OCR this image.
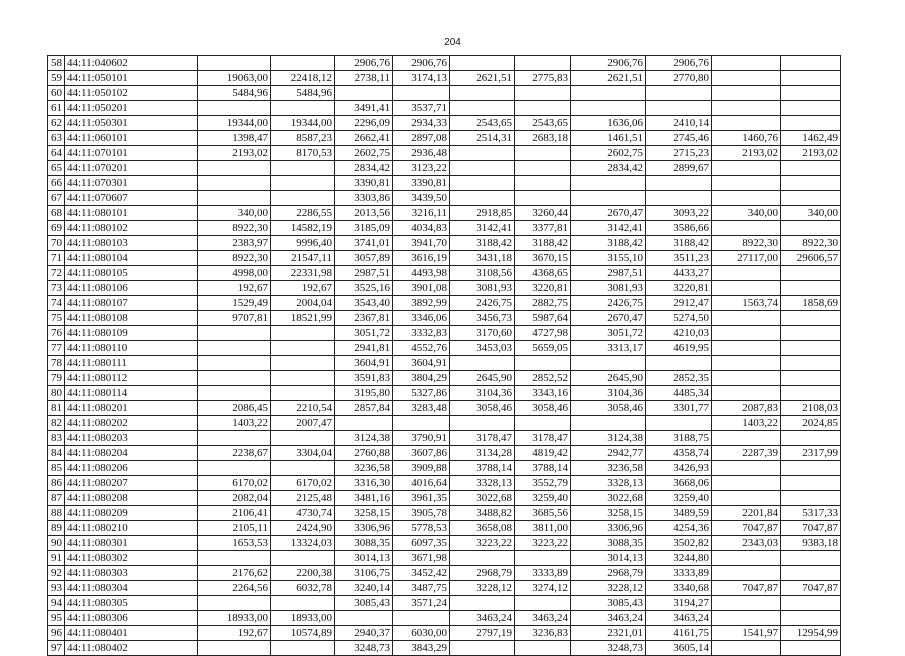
204
58	44:11:040602			2906,76	2906,76			2906,76	2906,76		
59	44:11:050101	19063,00	22418,12	2738,11	3174,13	2621,51	2775,83	2621,51	2770,80		
60	44:11:050102	5484,96	5484,96								
61	44:11:050201			3491,41	3537,71						
62	44:11:050301	19344,00	19344,00	2296,09	2934,33	2543,65	2543,65	1636,06	2410,14		
63	44:11:060101	1398,47	8587,23	2662,41	2897,08	2514,31	2683,18	1461,51	2745,46	1460,76	1462,49
64	44:11:070101	2193,02	8170,53	2602,75	2936,48			2602,75	2715,23	2193,02	2193,02
65	44:11:070201			2834,42	3123,22			2834,42	2899,67		
66	44:11:070301			3390,81	3390,81						
67	44:11:070607			3303,86	3439,50						
68	44:11:080101	340,00	2286,55	2013,56	3216,11	2918,85	3260,44	2670,47	3093,22	340,00	340,00
69	44:11:080102	8922,30	14582,19	3185,09	4034,83	3142,41	3377,81	3142,41	3586,66		
70	44:11:080103	2383,97	9996,40	3741,01	3941,70	3188,42	3188,42	3188,42	3188,42	8922,30	8922,30
71	44:11:080104	8922,30	21547,11	3057,89	3616,19	3431,18	3670,15	3155,10	3511,23	27117,00	29606,57
72	44:11:080105	4998,00	22331,98	2987,51	4493,98	3108,56	4368,65	2987,51	4433,27		
73	44:11:080106	192,67	192,67	3525,16	3901,08	3081,93	3220,81	3081,93	3220,81		
74	44:11:080107	1529,49	2004,04	3543,40	3892,99	2426,75	2882,75	2426,75	2912,47	1563,74	1858,69
75	44:11:080108	9707,81	18521,99	2367,81	3346,06	3456,73	5987,64	2670,47	5274,50		
76	44:11:080109			3051,72	3332,83	3170,60	4727,98	3051,72	4210,03		
77	44:11:080110			2941,81	4552,76	3453,03	5659,05	3313,17	4619,95		
78	44:11:080111			3604,91	3604,91						
79	44:11:080112			3591,83	3804,29	2645,90	2852,52	2645,90	2852,35		
80	44:11:080114			3195,80	5327,86	3104,36	3343,16	3104,36	4485,34		
81	44:11:080201	2086,45	2210,54	2857,84	3283,48	3058,46	3058,46	3058,46	3301,77	2087,83	2108,03
82	44:11:080202	1403,22	2007,47							1403,22	2024,85
83	44:11:080203			3124,38	3790,91	3178,47	3178,47	3124,38	3188,75		
84	44:11:080204	2238,67	3304,04	2760,88	3607,86	3134,28	4819,42	2942,77	4358,74	2287,39	2317,99
85	44:11:080206			3236,58	3909,88	3788,14	3788,14	3236,58	3426,93		
86	44:11:080207	6170,02	6170,02	3316,30	4016,64	3328,13	3552,79	3328,13	3668,06		
87	44:11:080208	2082,04	2125,48	3481,16	3961,35	3022,68	3259,40	3022,68	3259,40		
88	44:11:080209	2106,41	4730,74	3258,15	3905,78	3488,82	3685,56	3258,15	3489,59	2201,84	5317,33
89	44:11:080210	2105,11	2424,90	3306,96	5778,53	3658,08	3811,00	3306,96	4254,36	7047,87	7047,87
90	44:11:080301	1653,53	13324,03	3088,35	6097,35	3223,22	3223,22	3088,35	3502,82	2343,03	9383,18
91	44:11:080302			3014,13	3671,98			3014,13	3244,80		
92	44:11:080303	2176,62	2200,38	3106,75	3452,42	2968,79	3333,89	2968,79	3333,89		
93	44:11:080304	2264,56	6032,78	3240,14	3487,75	3228,12	3274,12	3228,12	3340,68	7047,87	7047,87
94	44:11:080305			3085,43	3571,24			3085,43	3194,27		
95	44:11:080306	18933,00	18933,00			3463,24	3463,24	3463,24	3463,24		
96	44:11:080401	192,67	10574,89	2940,37	6030,00	2797,19	3236,83	2321,01	4161,75	1541,97	12954,99
97	44:11:080402			3248,73	3843,29			3248,73	3605,14		
